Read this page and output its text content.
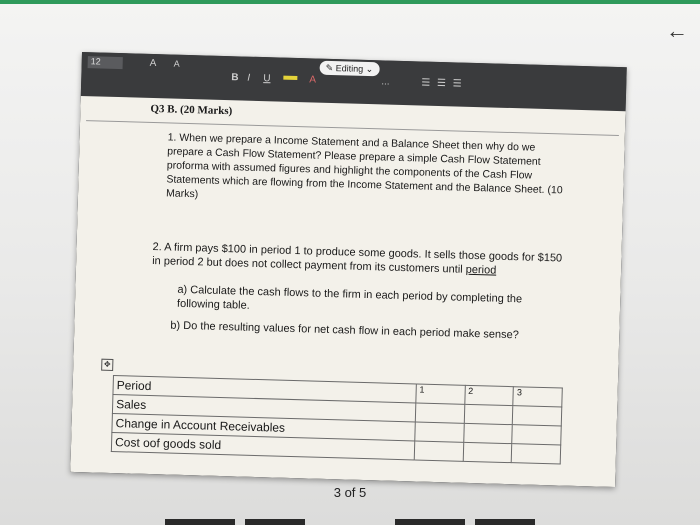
←
12	A A
B I U	A
✎ Editing ⌄
...	☰ ☰ ☰
Q3 B. (20 Marks)
1. When we prepare a Income Statement and a Balance Sheet then why do we prepare a Cash Flow Statement? Please prepare a simple Cash Flow Statement proforma with assumed figures and highlight the components of the Cash Flow Statements which are flowing from the Income Statement and the Balance Sheet. (10 Marks)
2. A firm pays $100 in period 1 to produce some goods. It sells those goods for $150 in period 2 but does not collect payment from its customers until period
a) Calculate the cash flows to the firm in each period by completing the following table.
b) Do the resulting values for net cash flow in each period make sense?
✥
Period	1	2	3
Sales			
Change in Account Receivables			
Cost oof goods sold			
3 of 5
